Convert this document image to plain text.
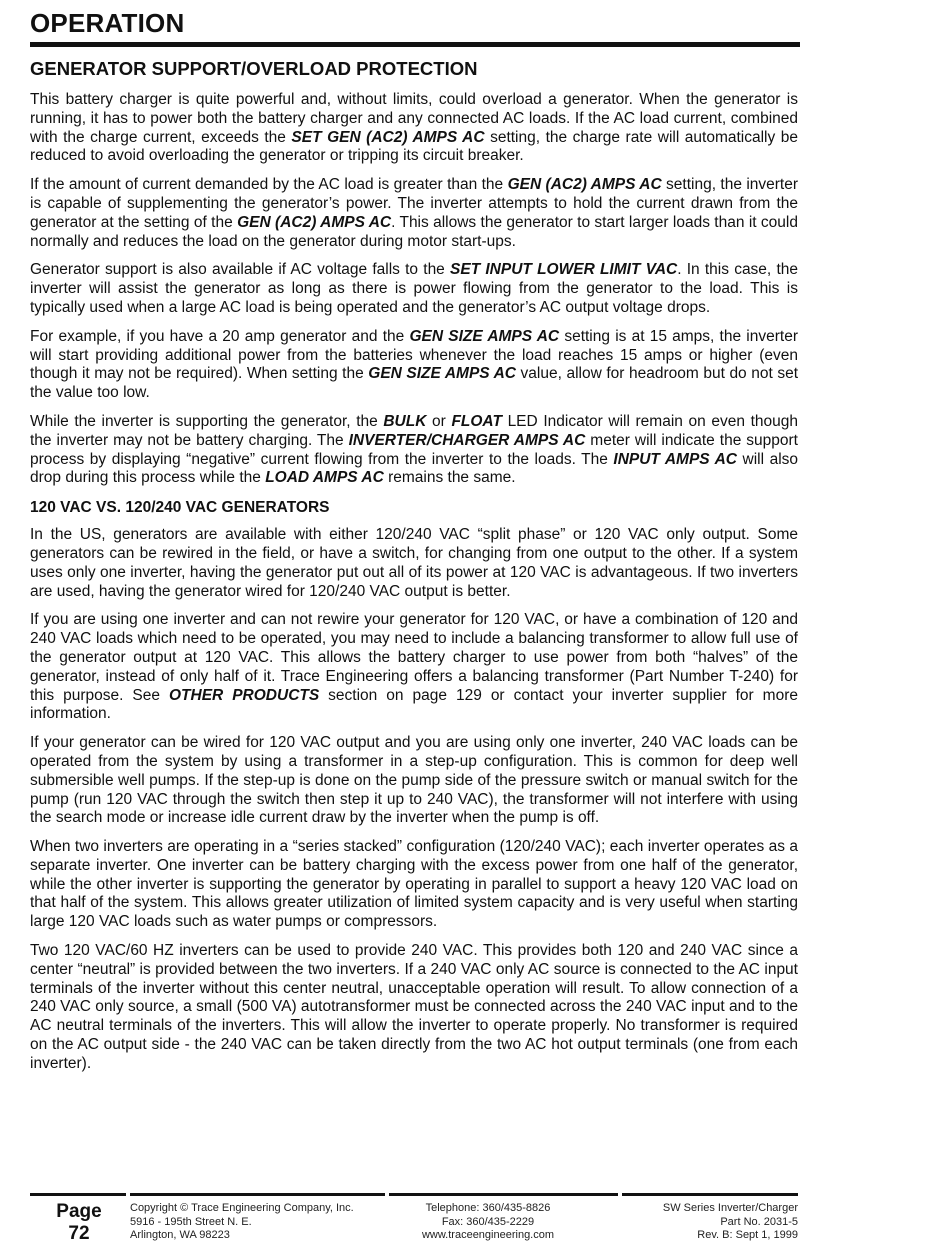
OPERATION
GENERATOR SUPPORT/OVERLOAD PROTECTION

This battery charger is quite powerful and, without limits, could overload a generator. When the generator is running, it has to power both the battery charger and any connected AC loads. If the AC load current, combined with the charge current, exceeds the SET GEN (AC2) AMPS AC setting, the charge rate will automatically be reduced to avoid overloading the generator or tripping its circuit breaker.

If the amount of current demanded by the AC load is greater than the GEN (AC2) AMPS AC setting, the inverter is capable of supplementing the generator’s power. The inverter attempts to hold the current drawn from the generator at the setting of the GEN (AC2) AMPS AC. This allows the generator to start larger loads than it could normally and reduces the load on the generator during motor start-ups.

Generator support is also available if AC voltage falls to the SET INPUT LOWER LIMIT VAC. In this case, the inverter will assist the generator as long as there is power flowing from the generator to the load. This is typically used when a large AC load is being operated and the generator’s AC output voltage drops.

For example, if you have a 20 amp generator and the GEN SIZE AMPS AC setting is at 15 amps, the inverter will start providing additional power from the batteries whenever the load reaches 15 amps or higher (even though it may not be required). When setting the GEN SIZE AMPS AC value, allow for headroom but do not set the value too low.

While the inverter is supporting the generator, the BULK or FLOAT LED Indicator will remain on even though the inverter may not be battery charging. The INVERTER/CHARGER AMPS AC meter will indicate the support process by displaying “negative” current flowing from the inverter to the loads. The INPUT AMPS AC will also drop during this process while the LOAD AMPS AC remains the same.

120 VAC VS. 120/240 VAC GENERATORS

In the US, generators are available with either 120/240 VAC “split phase” or 120 VAC only output. Some generators can be rewired in the field, or have a switch, for changing from one output to the other. If a system uses only one inverter, having the generator put out all of its power at 120 VAC is advantageous. If two inverters are used, having the generator wired for 120/240 VAC output is better.

If you are using one inverter and can not rewire your generator for 120 VAC, or have a combination of 120 and 240 VAC loads which need to be operated, you may need to include a balancing transformer to allow full use of the generator output at 120 VAC. This allows the battery charger to use power from both “halves” of the generator, instead of only half of it. Trace Engineering offers a balancing transformer (Part Number T-240) for this purpose. See OTHER PRODUCTS section on page 129 or contact your inverter supplier for more information.

If your generator can be wired for 120 VAC output and you are using only one inverter, 240 VAC loads can be operated from the system by using a transformer in a step-up configuration. This is common for deep well submersible well pumps. If the step-up is done on the pump side of the pressure switch or manual switch for the pump (run 120 VAC through the switch then step it up to 240 VAC), the transformer will not interfere with using the search mode or increase idle current draw by the inverter when the pump is off.

When two inverters are operating in a “series stacked” configuration (120/240 VAC); each inverter operates as a separate inverter. One inverter can be battery charging with the excess power from one half of the generator, while the other inverter is supporting the generator by operating in parallel to support a heavy 120 VAC load on that half of the system. This allows greater utilization of limited system capacity and is very useful when starting large 120 VAC loads such as water pumps or compressors.

Two 120 VAC/60 HZ inverters can be used to provide 240 VAC. This provides both 120 and 240 VAC since a center “neutral” is provided between the two inverters. If a 240 VAC only AC source is connected to the AC input terminals of the inverter without this center neutral, unacceptable operation will result. To allow connection of a 240 VAC only source, a small (500 VA) autotransformer must be connected across the 240 VAC input and to the AC neutral terminals of the inverters. This will allow the inverter to operate properly. No transformer is required on the AC output side - the 240 VAC can be taken directly from the two AC hot output terminals (one from each inverter).

Page
72
Copyright © Trace Engineering Company, Inc.
5916 - 195th Street N. E.
Arlington, WA 98223
Telephone: 360/435-8826
Fax: 360/435-2229
www.traceengineering.com
SW Series Inverter/Charger
Part No. 2031-5
Rev. B: Sept 1, 1999
